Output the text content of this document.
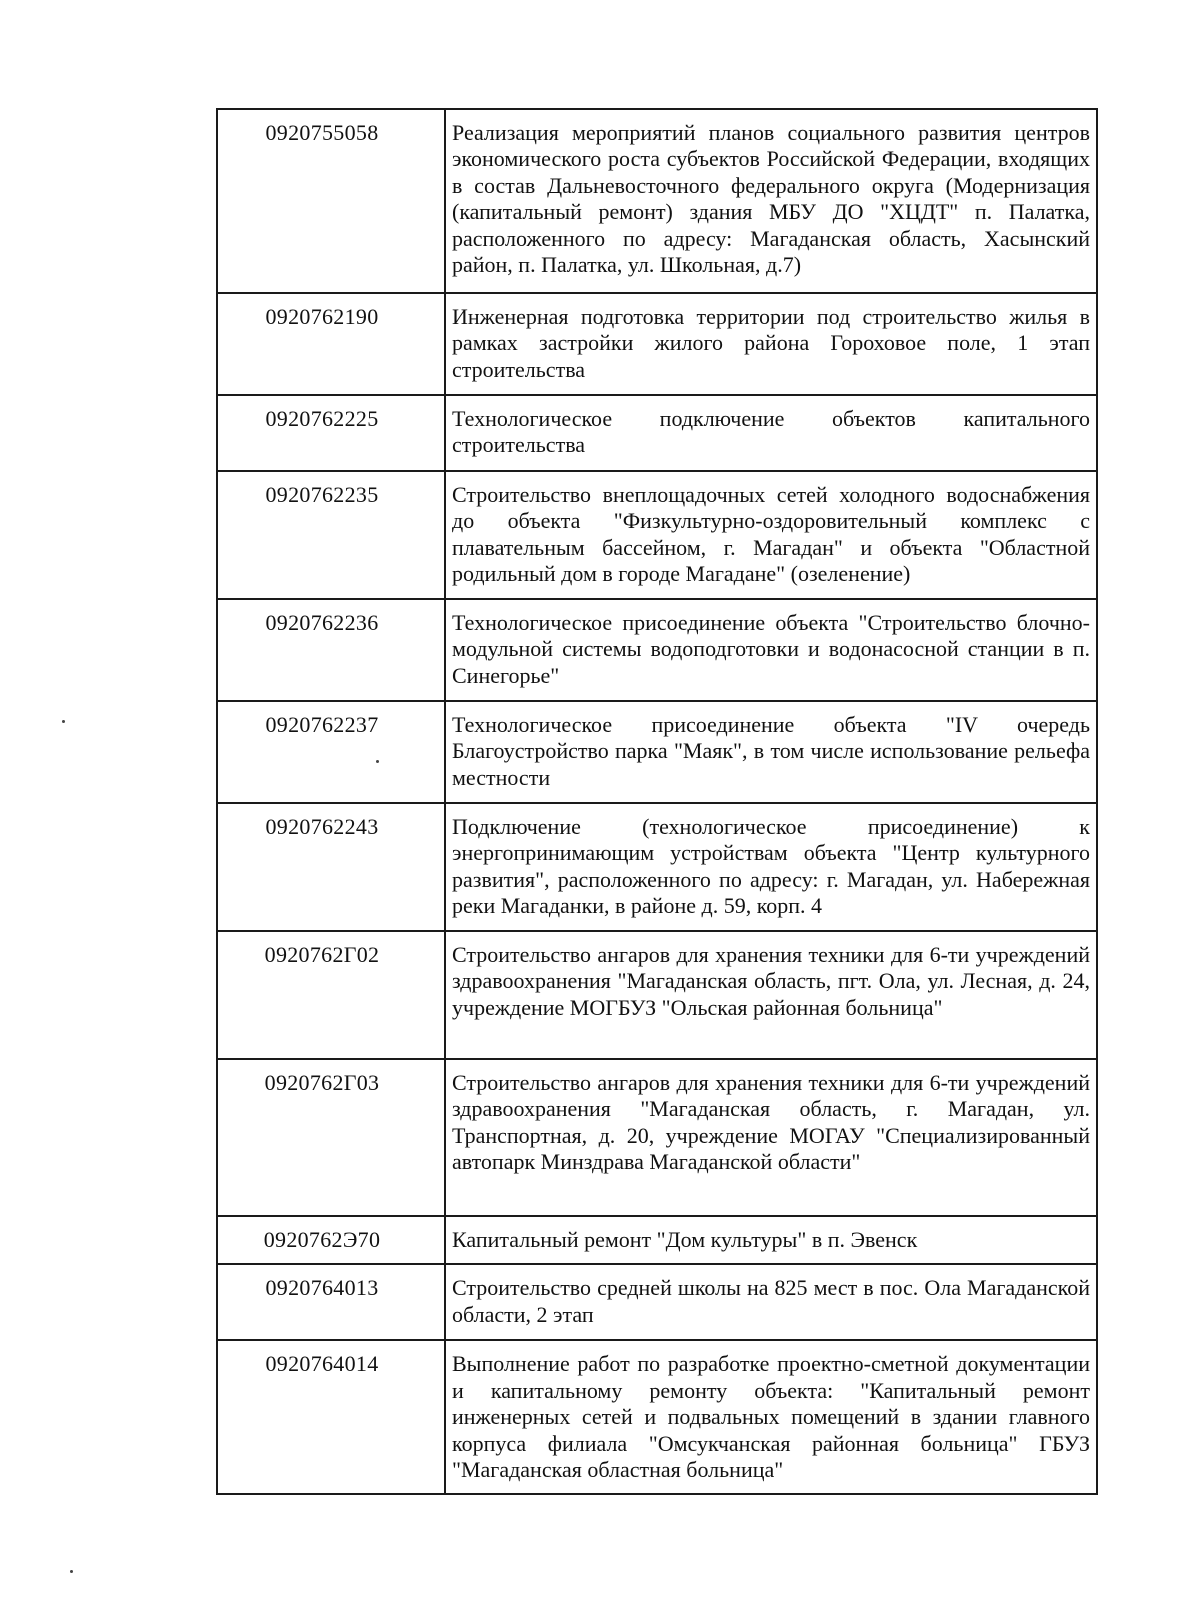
0920755058	Реализация мероприятий планов социального развития центров экономического роста субъектов Российской Федерации, входящих в состав Дальневосточного федерального округа (Модернизация (капитальный ремонт) здания МБУ ДО "ХЦДТ" п. Палатка, расположенного по адресу: Магаданская область, Хасынский район, п. Палатка, ул. Школьная, д.7)
0920762190	Инженерная подготовка территории под строительство жилья в рамках застройки жилого района Гороховое поле, 1 этап строительства
0920762225	Технологическое подключение объектов капитального строительства
0920762235	Строительство внеплощадочных сетей холодного водоснабжения до объекта "Физкультурно-оздоровительный комплекс с плавательным бассейном, г. Магадан" и объекта "Областной родильный дом в городе Магадане" (озеленение)
0920762236	Технологическое присоединение объекта "Строительство блочно-модульной системы водоподготовки и водонасосной станции в п. Синегорье"
0920762237	Технологическое присоединение объекта "IV очередь Благоустройство парка "Маяк", в том числе использование рельефа местности
0920762243	Подключение (технологическое присоединение) к энергопринимающим устройствам объекта "Центр культурного развития", расположенного по адресу: г. Магадан, ул. Набережная реки Магаданки, в районе д. 59, корп. 4
0920762Г02	Строительство ангаров для хранения техники для 6-ти учреждений здравоохранения "Магаданская область, пгт. Ола, ул. Лесная, д. 24, учреждение МОГБУЗ "Ольская районная больница"
0920762Г03	Строительство ангаров для хранения техники для 6-ти учреждений здравоохранения "Магаданская область, г. Магадан, ул. Транспортная, д. 20, учреждение МОГАУ "Специализированный автопарк Минздрава Магаданской области"
0920762Э70	Капитальный ремонт "Дом культуры" в п. Эвенск
0920764013	Строительство средней школы на 825 мест в пос. Ола Магаданской области, 2 этап
0920764014	Выполнение работ по разработке проектно-сметной документации и капитальному ремонту объекта: "Капитальный ремонт инженерных сетей и подвальных помещений в здании главного корпуса филиала "Омсукчанская районная больница" ГБУЗ "Магаданская областная больница"
